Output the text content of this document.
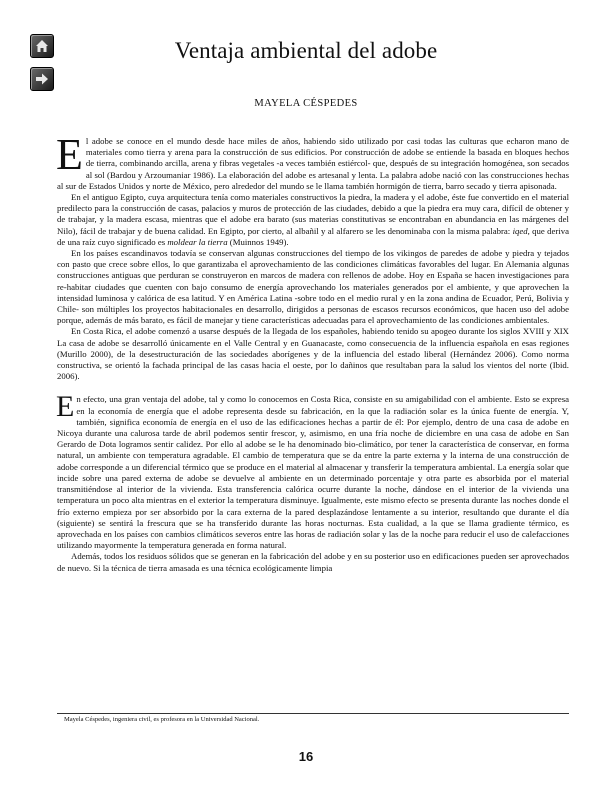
Ventaja ambiental del adobe
MAYELA CÉSPEDES

El adobe se conoce en el mundo desde hace miles de años, habiendo sido utilizado por casi todas las culturas que echaron mano de materiales como tierra y arena para la construcción de sus edificios. Por construcción de adobe se entiende la basada en bloques hechos de tierra, combinando arcilla, arena y fibras vegetales -a veces también estiércol- que, después de su integración homogénea, son secados al sol (Bardou y Arzoumaniar 1986). La elaboración del adobe es artesanal y lenta. La palabra adobe nació con las construcciones hechas al sur de Estados Unidos y norte de México, pero alrededor del mundo se le llama también hormigón de tierra, barro secado y tierra apisonada.

En el antiguo Egipto, cuya arquitectura tenía como materiales constructivos la piedra, la madera y el adobe, éste fue convertido en el material predilecto para la construcción de casas, palacios y muros de protección de las ciudades, debido a que la piedra era muy cara, difícil de obtener y de trabajar, y la madera escasa, mientras que el adobe era barato (sus materias constitutivas se encontraban en abundancia en las márgenes del Nilo), fácil de trabajar y de buena calidad. En Egipto, por cierto, al albañil y al alfarero se les denominaba con la misma palabra: iqed, que deriva de una raíz cuyo significado es moldear la tierra (Muinnos 1949).

En los países escandinavos todavía se conservan algunas construcciones del tiempo de los vikingos de paredes de adobe y piedra y tejados con pasto que crece sobre ellos, lo que garantizaba el aprovechamiento de las condiciones climáticas favorables del lugar. En Alemania algunas construcciones antiguas que perduran se construyeron en marcos de madera con rellenos de adobe. Hoy en España se hacen investigaciones para re-habitar ciudades que cuenten con bajo consumo de energía aprovechando los materiales generados por el ambiente, y que aprovechen la intensidad luminosa y calórica de esa latitud. Y en América Latina -sobre todo en el medio rural y en la zona andina de Ecuador, Perú, Bolivia y Chile- son múltiples los proyectos habitacionales en desarrollo, dirigidos a personas de escasos recursos económicos, que hacen uso del adobe porque, además de más barato, es fácil de manejar y tiene características adecuadas para el aprovechamiento de las condiciones ambientales.

En Costa Rica, el adobe comenzó a usarse después de la llegada de los españoles, habiendo tenido su apogeo durante los siglos XVIII y XIX La casa de adobe se desarrolló únicamente en el Valle Central y en Guanacaste, como consecuencia de la influencia española en esas regiones (Murillo 2000), de la desestructuración de las sociedades aborígenes y de la influencia del estado liberal (Hernández 2006). Como norma constructiva, se orientó la fachada principal de las casas hacia el oeste, por lo dañinos que resultaban para la salud los vientos del norte (Ibid. 2006).

En efecto, una gran ventaja del adobe, tal y como lo conocemos en Costa Rica, consiste en su amigabilidad con el ambiente. Esto se expresa en la economía de energía que el adobe representa desde su fabricación, en la que la radiación solar es la única fuente de energía. Y, también, significa economía de energía en el uso de las edificaciones hechas a partir de él: Por ejemplo, dentro de una casa de adobe en Nicoya durante una calurosa tarde de abril podemos sentir frescor, y, asimismo, en una fría noche de diciembre en una casa de adobe en San Gerardo de Dota logramos sentir calidez. Por ello al adobe se le ha denominado bio-climático, por tener la característica de conservar, en forma natural, un ambiente con temperatura agradable. El cambio de temperatura que se da entre la parte externa y la interna de una construcción de adobe corresponde a un diferencial térmico que se produce en el material al almacenar y transferir la temperatura ambiental. La energía solar que incide sobre una pared externa de adobe se devuelve al ambiente en un determinado porcentaje y otra parte es absorbida por el material transmitiéndose al interior de la vivienda. Esta transferencia calórica ocurre durante la noche, dándose en el interior de la vivienda una temperatura un poco alta mientras en el exterior la temperatura disminuye. Igualmente, este mismo efecto se presenta durante las noches donde el frío externo empieza por ser absorbido por la cara externa de la pared desplazándose lentamente a su interior, resultando que durante el día (siguiente) se sentirá la frescura que se ha transferido durante las horas nocturnas. Esta cualidad, a la que se llama gradiente térmico, es aprovechada en los países con cambios climáticos severos entre las horas de radiación solar y las de la noche para reducir el uso de calefacciones utilizando mayormente la temperatura generada en forma natural.

Además, todos los residuos sólidos que se generan en la fabricación del adobe y en su posterior uso en edificaciones pueden ser aprovechados de nuevo. Si la técnica de tierra amasada es una técnica ecológicamente limpia

Mayela Céspedes, ingeniera civil, es profesora en la Universidad Nacional.
16
